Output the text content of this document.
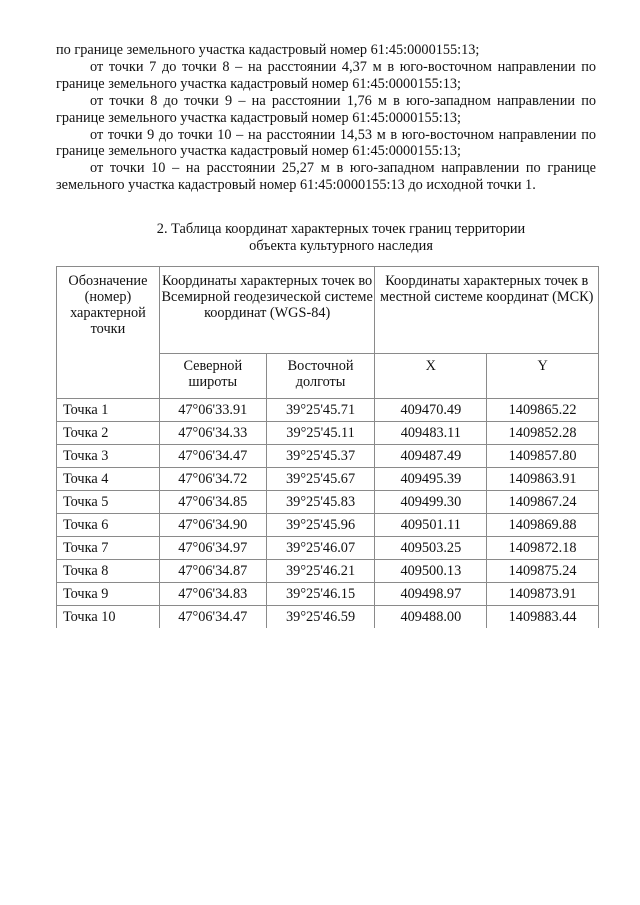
по границе земельного участка кадастровый номер 61:45:0000155:13;

от точки 7 до точки 8 – на расстоянии 4,37 м в юго-восточном направлении по границе земельного участка кадастровый номер 61:45:0000155:13;

от точки 8 до точки 9 – на расстоянии 1,76 м в юго-западном направлении по границе земельного участка кадастровый номер 61:45:0000155:13;

от точки 9 до точки 10 – на расстоянии 14,53 м в юго-восточном направлении по границе земельного участка кадастровый номер 61:45:0000155:13;

от точки 10 – на расстоянии 25,27 м в юго-западном направлении по границе земельного участка кадастровый номер 61:45:0000155:13 до исходной точки 1.

2. Таблица координат характерных точек границ территории
объекта культурного наследия
Обозначение (номер) характерной точки	Координаты характерных точек во Всемирной геодезической системе координат (WGS-84)		Координаты характерных точек в местной системе координат (МСК)	
	Северной широты	Восточной долготы	X	Y
Точка 1	47°06'33.91	39°25'45.71	409470.49	1409865.22
Точка 2	47°06'34.33	39°25'45.11	409483.11	1409852.28
Точка 3	47°06'34.47	39°25'45.37	409487.49	1409857.80
Точка 4	47°06'34.72	39°25'45.67	409495.39	1409863.91
Точка 5	47°06'34.85	39°25'45.83	409499.30	1409867.24
Точка 6	47°06'34.90	39°25'45.96	409501.11	1409869.88
Точка 7	47°06'34.97	39°25'46.07	409503.25	1409872.18
Точка 8	47°06'34.87	39°25'46.21	409500.13	1409875.24
Точка 9	47°06'34.83	39°25'46.15	409498.97	1409873.91
Точка 10	47°06'34.47	39°25'46.59	409488.00	1409883.44
